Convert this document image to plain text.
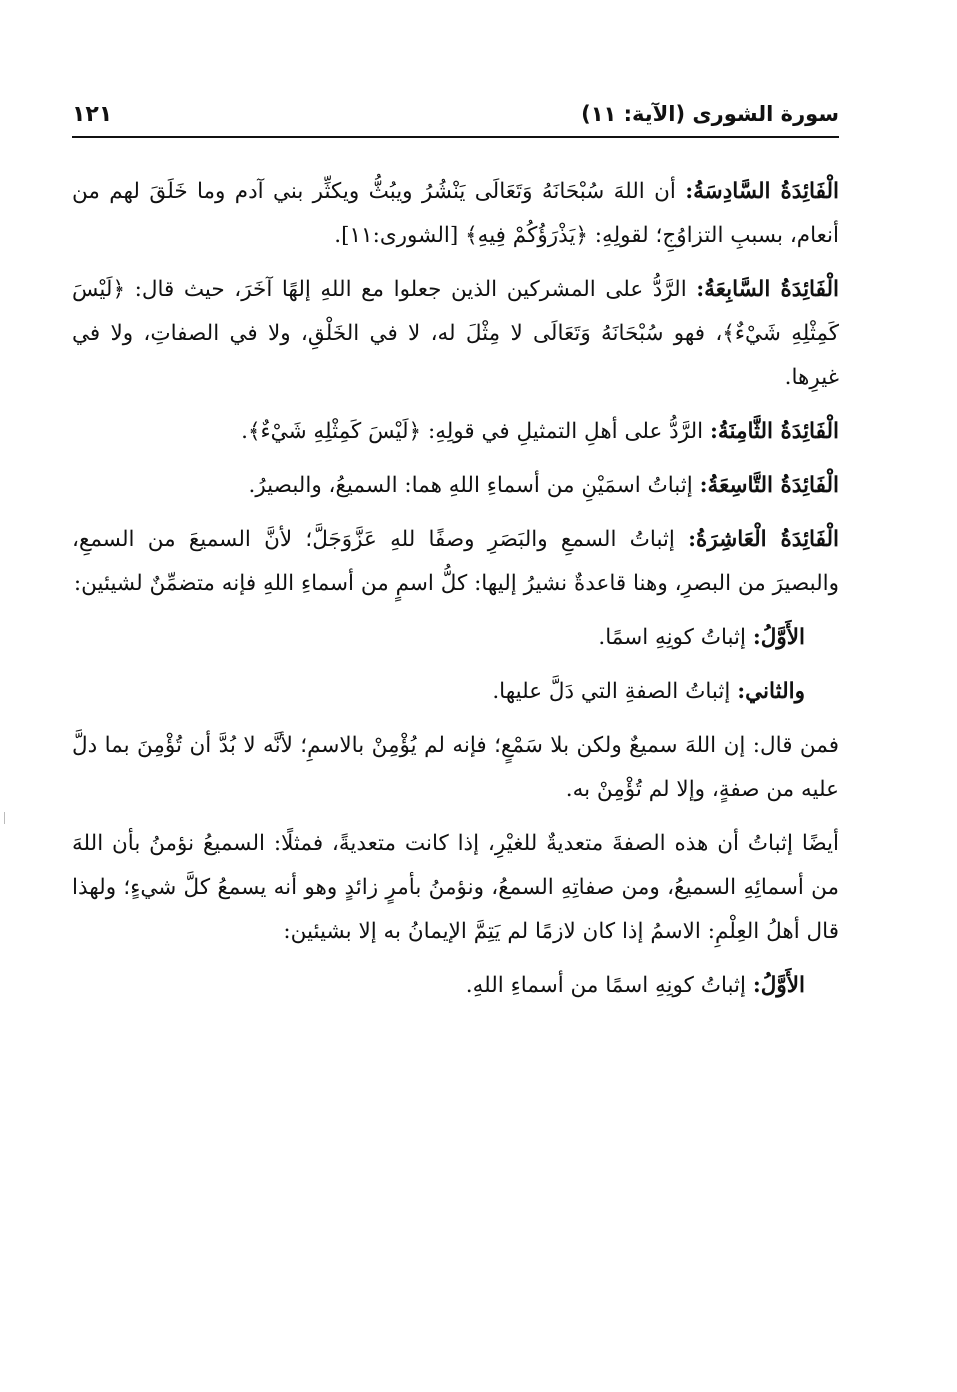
سورة الشورى (الآية: ١١)
١٢١

الْفَائِدَةُ السَّادِسَةُ: أن اللهَ سُبْحَانَهُ وَتَعَالَى يَنْشُرُ ويبُثُّ ويكثِّر بني آدم وما خَلَقَ لهم من أنعام، بسببِ التزاوُجِ؛ لقولِهِ: ﴿يَذْرَؤُكُمْ فِيهِ﴾ [الشورى:١١].

الْفَائِدَةُ السَّابِعَةُ: الرَّدُّ على المشركين الذين جعلوا مع اللهِ إلهًا آخَرَ، حيث قال: ﴿لَيْسَ كَمِثْلِهِ شَيْءٌ﴾، فهو سُبْحَانَهُ وَتَعَالَى لا مِثْلَ له، لا في الخَلْقِ، ولا في الصفاتِ، ولا في غيرِها.

الْفَائِدَةُ الثَّامِنَةُ: الرَّدُّ على أهلِ التمثيلِ في قولِهِ: ﴿لَيْسَ كَمِثْلِهِ شَيْءٌ﴾.

الْفَائِدَةُ التَّاسِعَةُ: إثباتُ اسمَيْنِ من أسماءِ اللهِ هما: السميعُ، والبصيرُ.

الْفَائِدَةُ الْعَاشِرَةُ: إثباتُ السمعِ والبَصَرِ وصفًا للهِ عَزَّوَجَلَّ؛ لأنَّ السميعَ من السمعِ، والبصيرَ من البصرِ، وهنا قاعدةٌ نشيرُ إليها: كلُّ اسمٍ من أسماءِ اللهِ فإنه متضمِّنٌ لشيئين:

الأَوَّلُ: إثباتُ كونِهِ اسمًا.

والثاني: إثباتُ الصفةِ التي دَلَّ عليها.

فمن قال: إن اللهَ سميعٌ ولكن بلا سَمْعٍ؛ فإنه لم يُؤْمِنْ بالاسمِ؛ لأنَّه لا بُدَّ أن تُؤْمِنَ بما دلَّ عليه من صفةٍ، وإلا لم تُؤْمِنْ به.

أيضًا إثباتُ أن هذه الصفةَ متعديةٌ للغيْرِ، إذا كانت متعديةً، فمثلًا: السميعُ نؤمنُ بأن اللهَ من أسمائِهِ السميعُ، ومن صفاتِهِ السمعُ، ونؤمنُ بأمرٍ زائدٍ وهو أنه يسمعُ كلَّ شيءٍ؛ ولهذا قال أهلُ العِلْمِ: الاسمُ إذا كان لازمًا لم يَتِمَّ الإيمانُ به إلا بشيئين:

الأَوَّلُ: إثباتُ كونِهِ اسمًا من أسماءِ اللهِ.
